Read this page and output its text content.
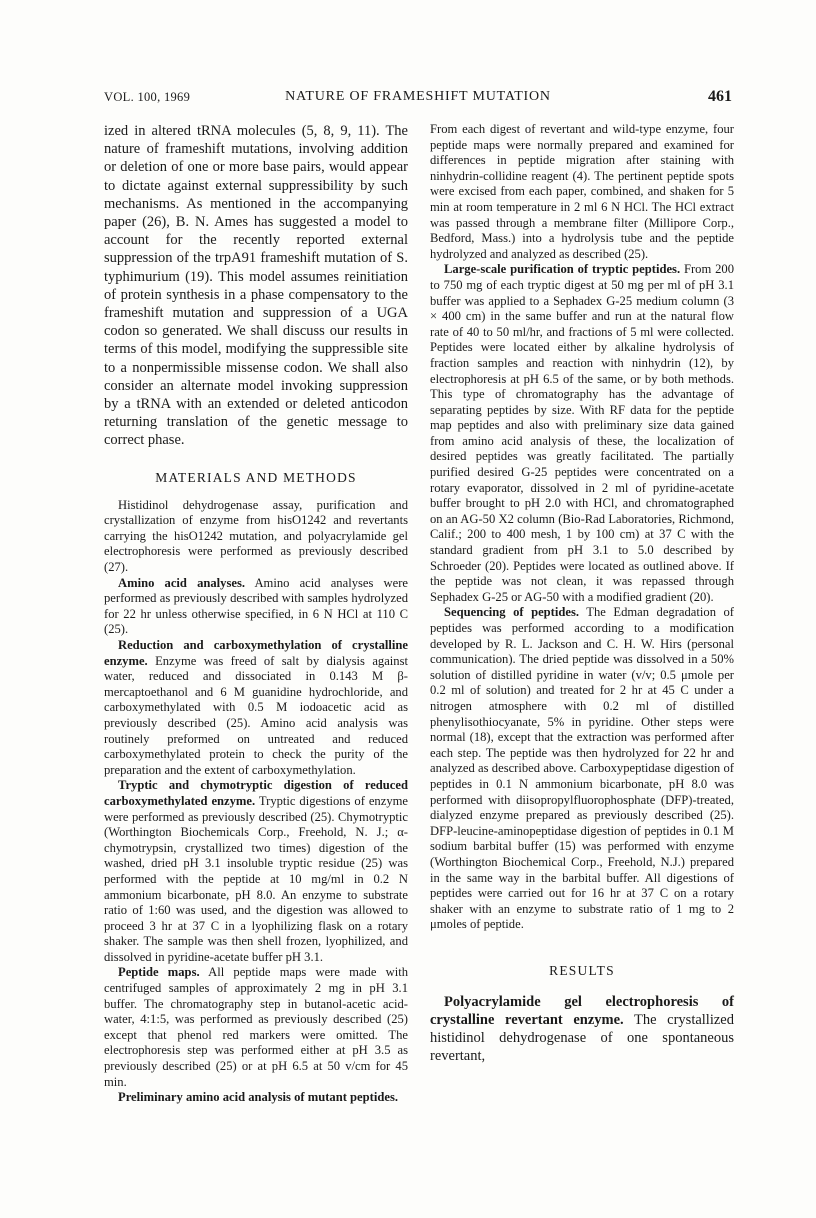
VOL. 100, 1969	NATURE OF FRAMESHIFT MUTATION	461

ized in altered tRNA molecules (5, 8, 9, 11). The nature of frameshift mutations, involving addition or deletion of one or more base pairs, would appear to dictate against external suppressibility by such mechanisms. As mentioned in the accompanying paper (26), B. N. Ames has suggested a model to account for the recently reported external suppression of the trpA91 frameshift mutation of S. typhimurium (19). This model assumes reinitiation of protein synthesis in a phase compensatory to the frameshift mutation and suppression of a UGA codon so generated. We shall discuss our results in terms of this model, modifying the suppressible site to a nonpermissible missense codon. We shall also consider an alternate model invoking suppression by a tRNA with an extended or deleted anticodon returning translation of the genetic message to correct phase.

MATERIALS AND METHODS

Histidinol dehydrogenase assay, purification and crystallization of enzyme from hisO1242 and revertants carrying the hisO1242 mutation, and polyacrylamide gel electrophoresis were performed as previously described (27).

Amino acid analyses. Amino acid analyses were performed as previously described with samples hydrolyzed for 22 hr unless otherwise specified, in 6 N HCl at 110 C (25).

Reduction and carboxymethylation of crystalline enzyme. Enzyme was freed of salt by dialysis against water, reduced and dissociated in 0.143 M β-mercaptoethanol and 6 M guanidine hydrochloride, and carboxymethylated with 0.5 M iodoacetic acid as previously described (25). Amino acid analysis was routinely preformed on untreated and reduced carboxymethylated protein to check the purity of the preparation and the extent of carboxymethylation.

Tryptic and chymotryptic digestion of reduced carboxymethylated enzyme. Tryptic digestions of enzyme were performed as previously described (25). Chymotryptic (Worthington Biochemicals Corp., Freehold, N. J.; α-chymotrypsin, crystallized two times) digestion of the washed, dried pH 3.1 insoluble tryptic residue (25) was performed with the peptide at 10 mg/ml in 0.2 N ammonium bicarbonate, pH 8.0. An enzyme to substrate ratio of 1:60 was used, and the digestion was allowed to proceed 3 hr at 37 C in a lyophilizing flask on a rotary shaker. The sample was then shell frozen, lyophilized, and dissolved in pyridine-acetate buffer pH 3.1.

Peptide maps. All peptide maps were made with centrifuged samples of approximately 2 mg in pH 3.1 buffer. The chromatography step in butanol-acetic acid-water, 4:1:5, was performed as previously described (25) except that phenol red markers were omitted. The electrophoresis step was performed either at pH 3.5 as previously described (25) or at pH 6.5 at 50 v/cm for 45 min.

Preliminary amino acid analysis of mutant peptides.

From each digest of revertant and wild-type enzyme, four peptide maps were normally prepared and examined for differences in peptide migration after staining with ninhydrin-collidine reagent (4). The pertinent peptide spots were excised from each paper, combined, and shaken for 5 min at room temperature in 2 ml 6 N HCl. The HCl extract was passed through a membrane filter (Millipore Corp., Bedford, Mass.) into a hydrolysis tube and the peptide hydrolyzed and analyzed as described (25).

Large-scale purification of tryptic peptides. From 200 to 750 mg of each tryptic digest at 50 mg per ml of pH 3.1 buffer was applied to a Sephadex G-25 medium column (3 × 400 cm) in the same buffer and run at the natural flow rate of 40 to 50 ml/hr, and fractions of 5 ml were collected. Peptides were located either by alkaline hydrolysis of fraction samples and reaction with ninhydrin (12), by electrophoresis at pH 6.5 of the same, or by both methods. This type of chromatography has the advantage of separating peptides by size. With RF data for the peptide map peptides and also with preliminary size data gained from amino acid analysis of these, the localization of desired peptides was greatly facilitated. The partially purified desired G-25 peptides were concentrated on a rotary evaporator, dissolved in 2 ml of pyridine-acetate buffer brought to pH 2.0 with HCl, and chromatographed on an AG-50 X2 column (Bio-Rad Laboratories, Richmond, Calif.; 200 to 400 mesh, 1 by 100 cm) at 37 C with the standard gradient from pH 3.1 to 5.0 described by Schroeder (20). Peptides were located as outlined above. If the peptide was not clean, it was repassed through Sephadex G-25 or AG-50 with a modified gradient (20).

Sequencing of peptides. The Edman degradation of peptides was performed according to a modification developed by R. L. Jackson and C. H. W. Hirs (personal communication). The dried peptide was dissolved in a 50% solution of distilled pyridine in water (v/v; 0.5 μmole per 0.2 ml of solution) and treated for 2 hr at 45 C under a nitrogen atmosphere with 0.2 ml of distilled phenylisothiocyanate, 5% in pyridine. Other steps were normal (18), except that the extraction was performed after each step. The peptide was then hydrolyzed for 22 hr and analyzed as described above. Carboxypeptidase digestion of peptides in 0.1 N ammonium bicarbonate, pH 8.0 was performed with diisopropylfluorophosphate (DFP)-treated, dialyzed enzyme prepared as previously described (25). DFP-leucine-aminopeptidase digestion of peptides in 0.1 M sodium barbital buffer (15) was performed with enzyme (Worthington Biochemical Corp., Freehold, N.J.) prepared in the same way in the barbital buffer. All digestions of peptides were carried out for 16 hr at 37 C on a rotary shaker with an enzyme to substrate ratio of 1 mg to 2 μmoles of peptide.

RESULTS

Polyacrylamide gel electrophoresis of crystalline revertant enzyme. The crystallized histidinol dehydrogenase of one spontaneous revertant,
